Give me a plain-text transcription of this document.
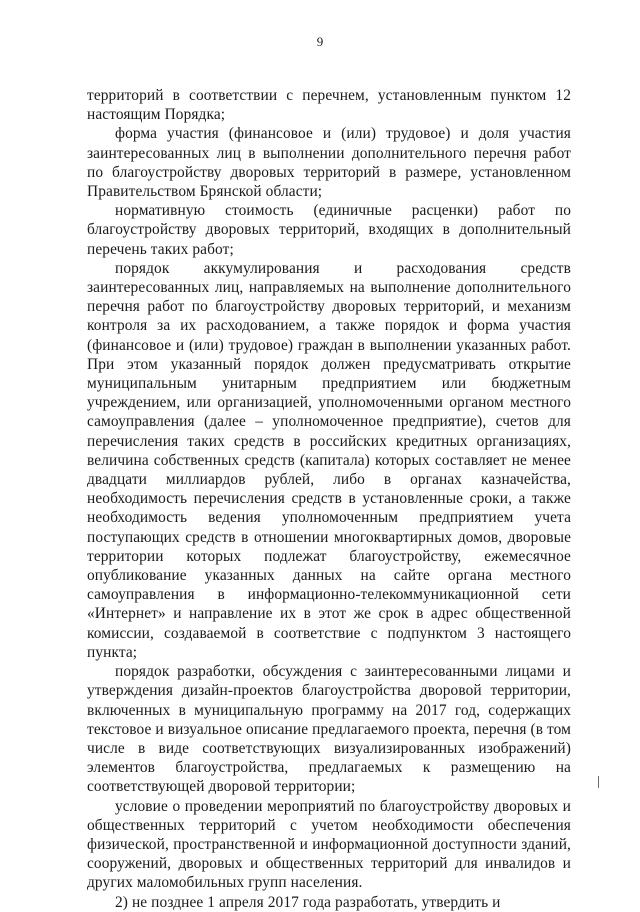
9

территорий в соответствии с перечнем, установленным пунктом 12 настоящим Порядка;

форма участия (финансовое и (или) трудовое) и доля участия заинтересованных лиц в выполнении дополнительного перечня работ по благоустройству дворовых территорий в размере, установленном Правительством Брянской области;

нормативную стоимость (единичные расценки) работ по благоустройству дворовых территорий, входящих в дополнительный перечень таких работ;

порядок аккумулирования и расходования средств заинтересованных лиц, направляемых на выполнение дополнительного перечня работ по благоустройству дворовых территорий, и механизм контроля за их расходованием, а также порядок и форма участия (финансовое и (или) трудовое) граждан в выполнении указанных работ. При этом указанный порядок должен предусматривать открытие муниципальным унитарным предприятием или бюджетным учреждением, или организацией, уполномоченными органом местного самоуправления (далее – уполномоченное предприятие), счетов для перечисления таких средств в российских кредитных организациях, величина собственных средств (капитала) которых составляет не менее двадцати миллиардов рублей, либо в органах казначейства, необходимость перечисления средств в установленные сроки, а также необходимость ведения уполномоченным предприятием учета поступающих средств в отношении многоквартирных домов, дворовые территории которых подлежат благоустройству, ежемесячное опубликование указанных данных на сайте органа местного самоуправления в информационно-телекоммуникационной сети «Интернет» и направление их в этот же срок в адрес общественной комиссии, создаваемой в соответствие с подпунктом 3 настоящего пункта;

порядок разработки, обсуждения с заинтересованными лицами и утверждения дизайн-проектов благоустройства дворовой территории, включенных в муниципальную программу на 2017 год, содержащих текстовое и визуальное описание предлагаемого проекта, перечня (в том числе в виде соответствующих визуализированных изображений) элементов благоустройства, предлагаемых к размещению на соответствующей дворовой территории;

условие о проведении мероприятий по благоустройству дворовых и общественных территорий с учетом необходимости обеспечения физической, пространственной и информационной доступности зданий, сооружений, дворовых и общественных территорий для инвалидов и других маломобильных групп населения.

2) не позднее 1 апреля 2017 года разработать, утвердить и
